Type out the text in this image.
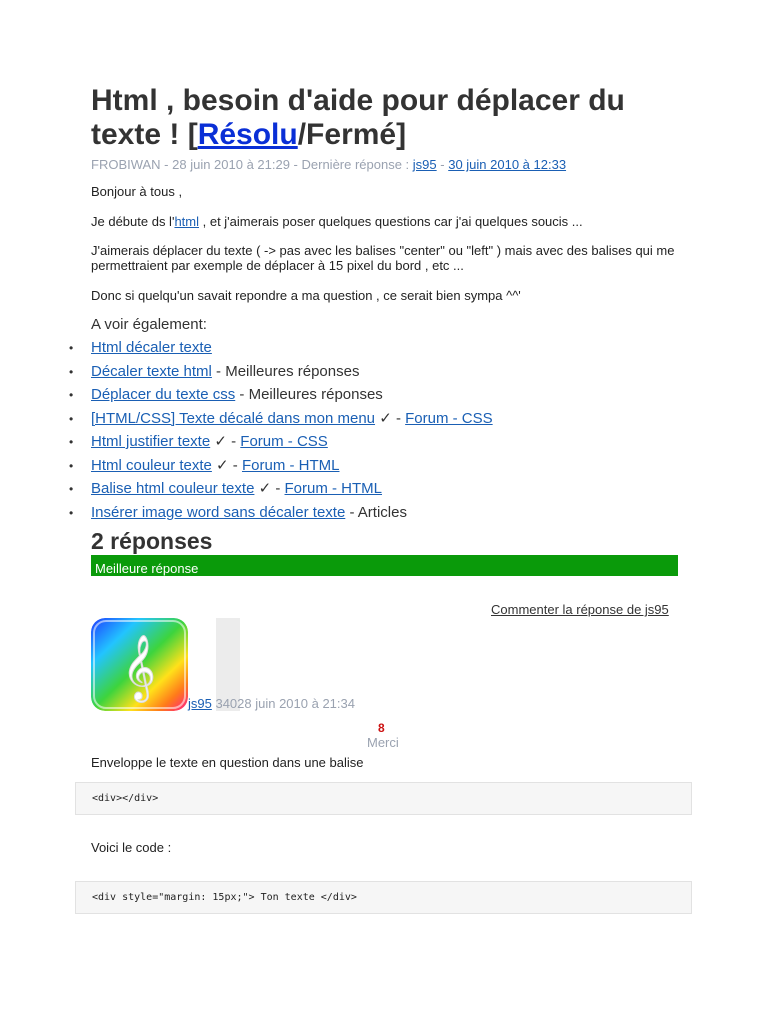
Html , besoin d'aide pour déplacer du texte ! [Résolu/Fermé]
FROBIWAN - 28 juin 2010 à 21:29 - Dernière réponse : js95 - 30 juin 2010 à 12:33

Bonjour à tous ,

Je débute ds l'html , et j'aimerais poser quelques questions car j'ai quelques soucis ...

J'aimerais déplacer du texte ( -> pas avec les balises "center" ou "left" ) mais avec des balises qui me permettraient par exemple de déplacer à 15 pixel du bord , etc ...

Donc si quelqu'un savait repondre a ma question , ce serait bien sympa ^^'

A voir également:
• Html décaler texte
• Décaler texte html - Meilleures réponses
• Déplacer du texte css - Meilleures réponses
• [HTML/CSS] Texte décalé dans mon menu ✓ - Forum - CSS
• Html justifier texte ✓ - Forum - CSS
• Html couleur texte ✓ - Forum - HTML
• Balise html couleur texte ✓ - Forum - HTML
• Insérer image word sans décaler texte - Articles
2 réponses
Meilleure réponse
Commenter la réponse de js95
𝄞
js95 34028 juin 2010 à 21:34
8
Merci

Enveloppe le texte en question dans une balise

<div></div>

Voici le code :

<div style="margin: 15px;"> Ton texte </div>
